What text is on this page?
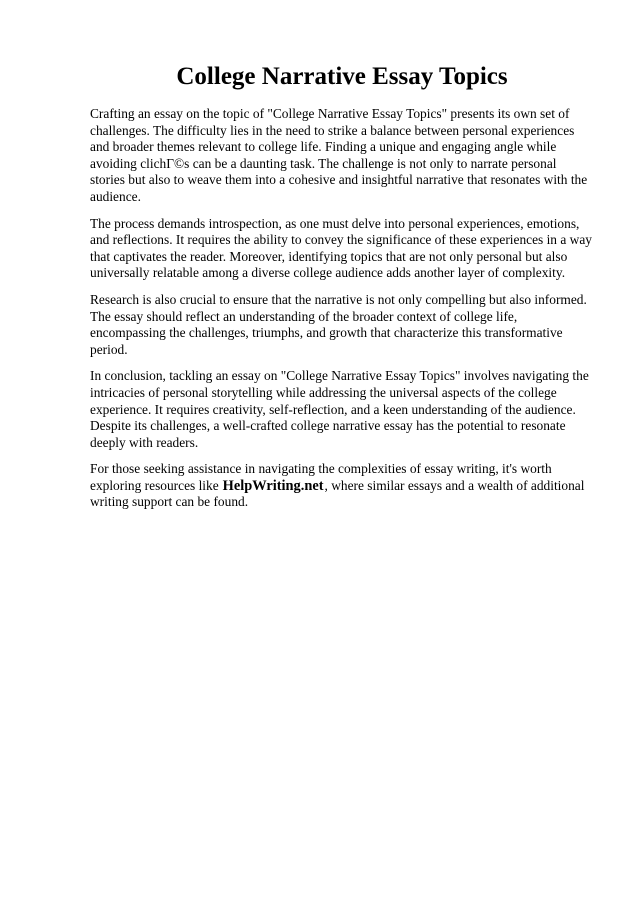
College Narrative Essay Topics

Crafting an essay on the topic of "College Narrative Essay Topics" presents its own set of challenges. The difficulty lies in the need to strike a balance between personal experiences and broader themes relevant to college life. Finding a unique and engaging angle while avoiding clichГ©s can be a daunting task. The challenge is not only to narrate personal stories but also to weave them into a cohesive and insightful narrative that resonates with the audience.

The process demands introspection, as one must delve into personal experiences, emotions, and reflections. It requires the ability to convey the significance of these experiences in a way that captivates the reader. Moreover, identifying topics that are not only personal but also universally relatable among a diverse college audience adds another layer of complexity.

Research is also crucial to ensure that the narrative is not only compelling but also informed. The essay should reflect an understanding of the broader context of college life, encompassing the challenges, triumphs, and growth that characterize this transformative period.

In conclusion, tackling an essay on "College Narrative Essay Topics" involves navigating the intricacies of personal storytelling while addressing the universal aspects of the college experience. It requires creativity, self-reflection, and a keen understanding of the audience. Despite its challenges, a well-crafted college narrative essay has the potential to resonate deeply with readers.

For those seeking assistance in navigating the complexities of essay writing, it's worth exploring resources like HelpWriting.net, where similar essays and a wealth of additional writing support can be found.
